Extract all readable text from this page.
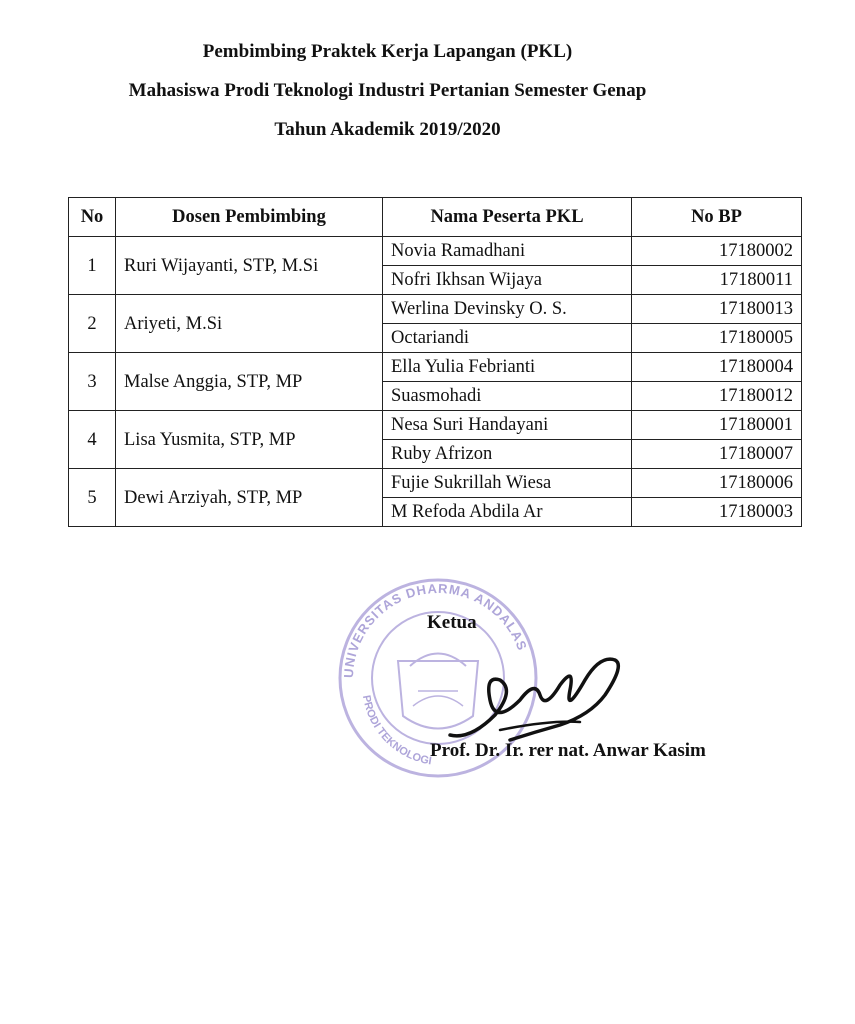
Pembimbing Praktek Kerja Lapangan (PKL)
Mahasiswa Prodi Teknologi Industri Pertanian Semester Genap
Tahun Akademik 2019/2020
No	Dosen Pembimbing	Nama Peserta PKL	No BP
1	Ruri Wijayanti, STP, M.Si	Novia Ramadhani	17180002
		Nofri Ikhsan Wijaya	17180011
2	Ariyeti, M.Si	Werlina Devinsky O. S.	17180013
		Octariandi	17180005
3	Malse Anggia, STP, MP	Ella Yulia Febrianti	17180004
		Suasmohadi	17180012
4	Lisa Yusmita, STP, MP	Nesa Suri Handayani	17180001
		Ruby Afrizon	17180007
5	Dewi Arziyah, STP, MP	Fujie Sukrillah Wiesa	17180006
		M Refoda Abdila Ar	17180003
UNIVERSITAS DHARMA ANDALAS
PRODI TEKNOLOGI
Ketua
Prof. Dr. Ir. rer nat. Anwar Kasim
